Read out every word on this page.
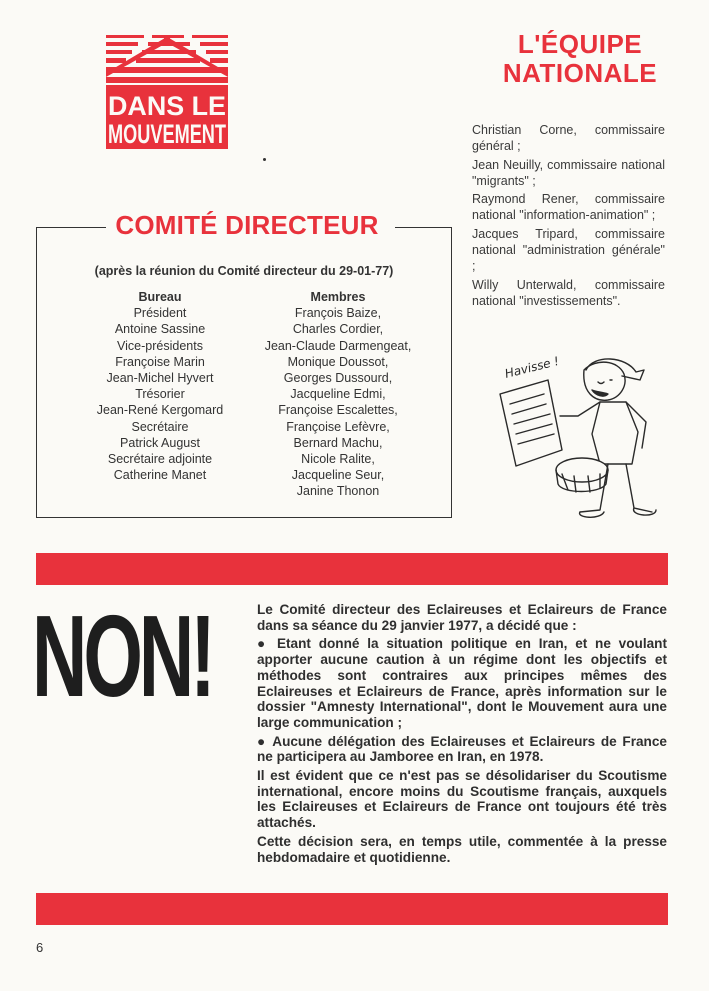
DANS LE
MOUVEMENT
L'ÉQUIPE
NATIONALE

Christian Corne, commissaire général ;

Jean Neuilly, commissaire national "migrants" ;

Raymond Rener, commissaire national "information-animation" ;

Jacques Tripard, commissaire national "administration générale" ;

Willy Unterwald, commissaire national "investissements".

COMITÉ DIRECTEUR
(après la réunion du Comité directeur du 29-01-77)
Bureau
Président
Antoine Sassine
Vice-présidents
Françoise Marin
Jean-Michel Hyvert
Trésorier
Jean-René Kergomard
Secrétaire
Patrick August
Secrétaire adjointe
Catherine Manet
Membres
François Baize,
Charles Cordier,
Jean-Claude Darmengeat,
Monique Doussot,
Georges Dussourd,
Jacqueline Edmi,
Françoise Escalettes,
Françoise Lefèvre,
Bernard Machu,
Nicole Ralite,
Jacqueline Seur,
Janine Thonon
Havisse !
NON!	Le Comité directeur des Eclaireuses et Eclaireurs de France dans sa séance du 29 janvier 1977, a décidé que :

● Etant donné la situation politique en Iran, et ne voulant apporter aucune caution à un régime dont les objectifs et méthodes sont contraires aux principes mêmes des Eclaireuses et Eclaireurs de France, après information sur le dossier "Amnesty International", dont le Mouvement aura une large communication ;

● Aucune délégation des Eclaireuses et Eclaireurs de France ne participera au Jamboree en Iran, en 1978.

Il est évident que ce n'est pas se désolidariser du Scoutisme international, encore moins du Scoutisme français, auxquels les Eclaireuses et Eclaireurs de France ont toujours été très attachés.

Cette décision sera, en temps utile, commentée à la presse hebdomadaire et quotidienne.

6
